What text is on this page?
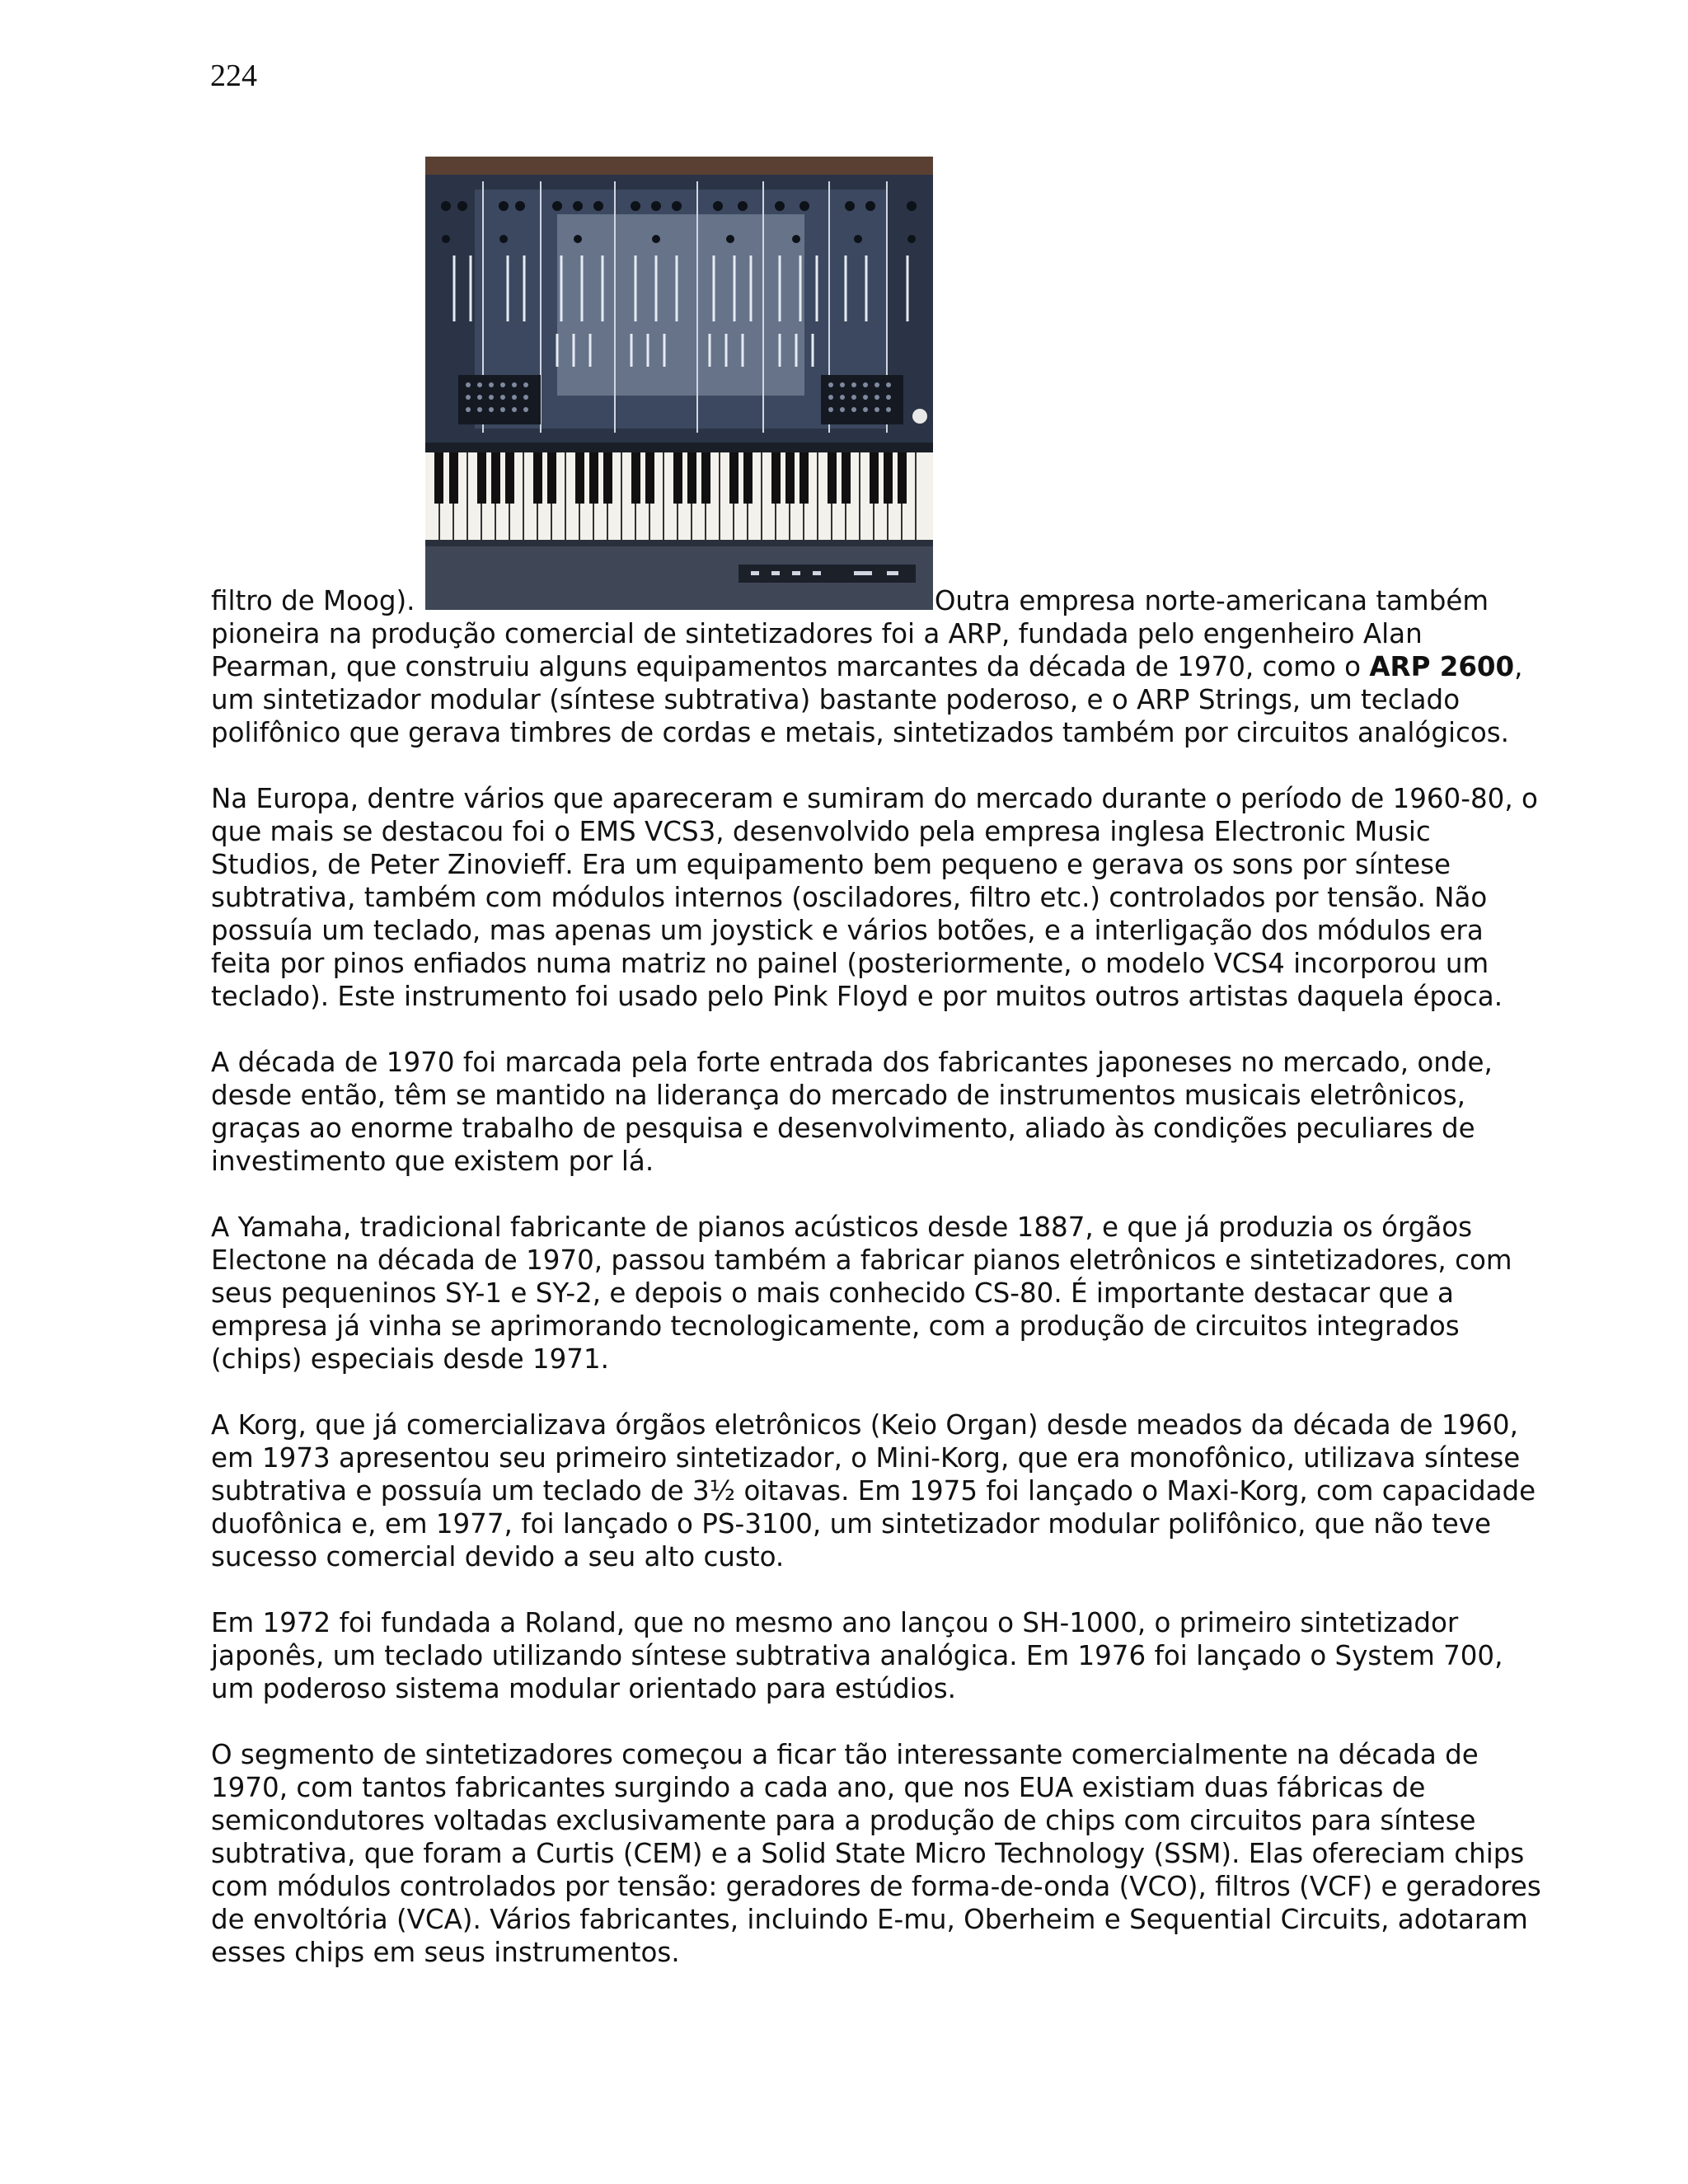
224

filtro de Moog).	Outra empresa norte-americana também pioneira na produção comercial de sintetizadores foi a ARP, fundada pelo engenheiro Alan Pearman, que construiu alguns equipamentos marcantes da década de 1970, como o ARP 2600, um sintetizador modular (síntese subtrativa) bastante poderoso, e o ARP Strings, um teclado polifônico que gerava timbres de cordas e metais, sintetizados também por circuitos analógicos.

Na Europa, dentre vários que apareceram e sumiram do mercado durante o período de 1960-80, o que mais se destacou foi o EMS VCS3, desenvolvido pela empresa inglesa Electronic Music Studios, de Peter Zinovieff. Era um equipamento bem pequeno e gerava os sons por síntese subtrativa, também com módulos internos (osciladores, filtro etc.) controlados por tensão. Não possuía um teclado, mas apenas um joystick e vários botões, e a interligação dos módulos era feita por pinos enfiados numa matriz no painel (posteriormente, o modelo VCS4 incorporou um teclado). Este instrumento foi usado pelo Pink Floyd e por muitos outros artistas daquela época.

A década de 1970 foi marcada pela forte entrada dos fabricantes japoneses no mercado, onde, desde então, têm se mantido na liderança do mercado de instrumentos musicais eletrônicos, graças ao enorme trabalho de pesquisa e desenvolvimento, aliado às condições peculiares de investimento que existem por lá.

A Yamaha, tradicional fabricante de pianos acústicos desde 1887, e que já produzia os órgãos Electone na década de 1970, passou também a fabricar pianos eletrônicos e sintetizadores, com seus pequeninos SY-1 e SY-2, e depois o mais conhecido CS-80. É importante destacar que a empresa já vinha se aprimorando tecnologicamente, com a produção de circuitos integrados (chips) especiais desde 1971.

A Korg, que já comercializava órgãos eletrônicos (Keio Organ) desde meados da década de 1960, em 1973 apresentou seu primeiro sintetizador, o Mini-Korg, que era monofônico, utilizava síntese subtrativa e possuía um teclado de 3½ oitavas. Em 1975 foi lançado o Maxi-Korg, com capacidade duofônica e, em 1977, foi lançado o PS-3100, um sintetizador modular polifônico, que não teve sucesso comercial devido a seu alto custo.

Em 1972 foi fundada a Roland, que no mesmo ano lançou o SH-1000, o primeiro sintetizador japonês, um teclado utilizando síntese subtrativa analógica. Em 1976 foi lançado o System 700, um poderoso sistema modular orientado para estúdios.

O segmento de sintetizadores começou a ficar tão interessante comercialmente na década de 1970, com tantos fabricantes surgindo a cada ano, que nos EUA existiam duas fábricas de semicondutores voltadas exclusivamente para a produção de chips com circuitos para síntese subtrativa, que foram a Curtis (CEM) e a Solid State Micro Technology (SSM). Elas ofereciam chips com módulos controlados por tensão: geradores de forma-de-onda (VCO), filtros (VCF) e geradores de envoltória (VCA). Vários fabricantes, incluindo E-mu, Oberheim e Sequential Circuits, adotaram esses chips em seus instrumentos.
